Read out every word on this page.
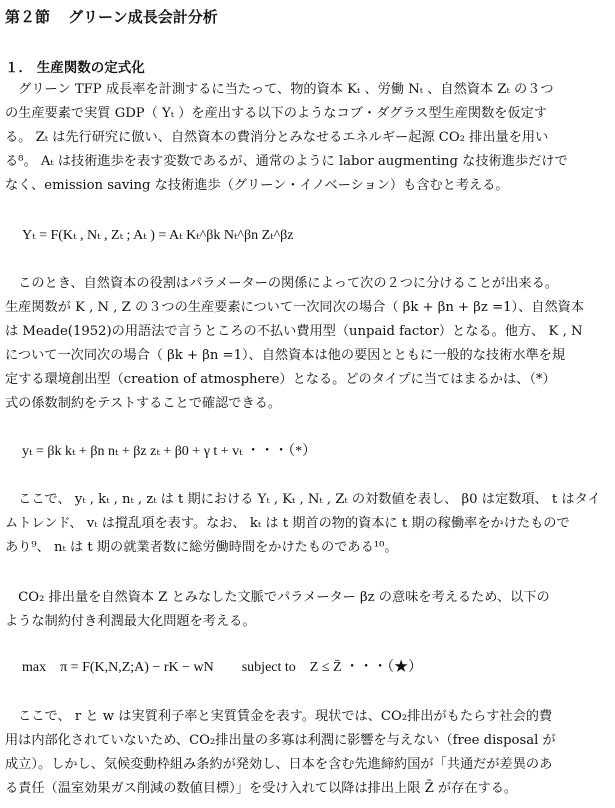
第２節 グリーン成長会計分析
１． 生産関数の定式化
　グリーン TFP 成長率を計測するに当たって、物的資本 Kₜ 、労働 Nₜ 、自然資本 Zₜ の３つ
の生産要素で実質 GDP（ Yₜ ）を産出する以下のようなコブ・ダグラス型生産関数を仮定す
る。 Zₜ は先行研究に倣い、自然資本の費消分とみなせるエネルギー起源 CO₂ 排出量を用い
る⁸。 Aₜ は技術進歩を表す変数であるが、通常のように labor augmenting な技術進歩だけで
なく、emission saving な技術進歩（グリーン・イノベーション）も含むと考える。
Yₜ = F(Kₜ , Nₜ , Zₜ ; Aₜ ) = Aₜ Kₜ^βk Nₜ^βn Zₜ^βz
　このとき、自然資本の役割はパラメーターの関係によって次の２つに分けることが出来る。
生産関数が K , N , Z の３つの生産要素について一次同次の場合（ βk + βn + βz =1）、自然資本
は Meade(1952)の用語法で言うところの不払い費用型（unpaid factor）となる。他方、 K , N
について一次同次の場合（ βk + βn =1）、自然資本は他の要因とともに一般的な技術水準を規
定する環境創出型（creation of atmosphere）となる。どのタイプに当てはまるかは、（*）
式の係数制約をテストすることで確認できる。
yₜ = βk kₜ + βn nₜ + βz zₜ + β0 + γ t + vₜ ・・・（*）
　ここで、 yₜ , kₜ , nₜ , zₜ は t 期における Yₜ , Kₜ , Nₜ , Zₜ の対数値を表し、 β0 は定数項、 t はタイ
ムトレンド、 vₜ は撹乱項を表す。なお、 kₜ は t 期首の物的資本に t 期の稼働率をかけたもので
あり⁹、 nₜ は t 期の就業者数に総労働時間をかけたものである¹⁰。
　CO₂ 排出量を自然資本 Z とみなした文脈でパラメーター βz の意味を考えるため、以下の
ような制約付き利潤最大化問題を考える。
max　π = F(K,N,Z;A) − rK − wN　　subject to　Z ≤ Z̄ ・・・（★）
　ここで、 r と w は実質利子率と実質賃金を表す。現状では、CO₂排出がもたらす社会的費
用は内部化されていないため、CO₂排出量の多寡は利潤に影響を与えない（free disposal が
成立）。しかし、気候変動枠組み条約が発効し、日本を含む先進締約国が「共通だが差異のあ
る責任（温室効果ガス削減の数値目標）」を受け入れて以降は排出上限 Z̄ が存在する。
